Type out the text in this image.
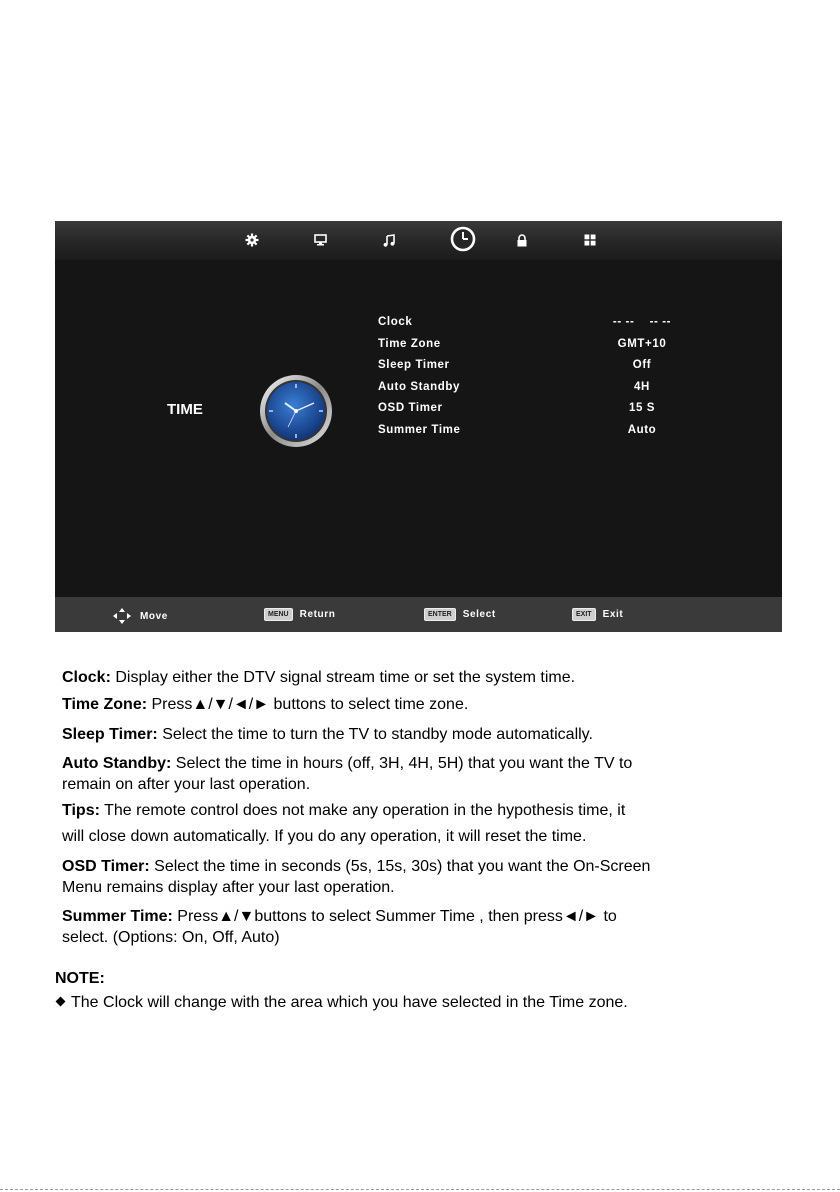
TIME
Clock	-- --    -- --
Time Zone	GMT+10
Sleep Timer	Off
Auto Standby	4H
OSD Timer	15 S
Summer Time	Auto
Move	MENU	Return	ENTER	Select	EXIT	Exit
Clock: Display either the DTV signal stream time or set the system time.
Time Zone: Press▲/▼/◄/► buttons to select time zone.
Sleep Timer: Select the time to turn the TV to standby mode automatically.
Auto Standby: Select the time in hours (off, 3H, 4H, 5H) that you want the TV to
remain on after your last operation.
Tips: The remote control does not make any operation in the hypothesis time, it
will close down automatically. If you do any operation, it will reset the time.
OSD Timer: Select the time in seconds (5s, 15s, 30s) that you want the On-Screen
Menu remains display after your last operation.
Summer Time: Press▲/▼buttons to select Summer Time , then press◄/► to
select. (Options: On, Off, Auto)
NOTE:
The Clock will change with the area which you have selected in the Time zone.
